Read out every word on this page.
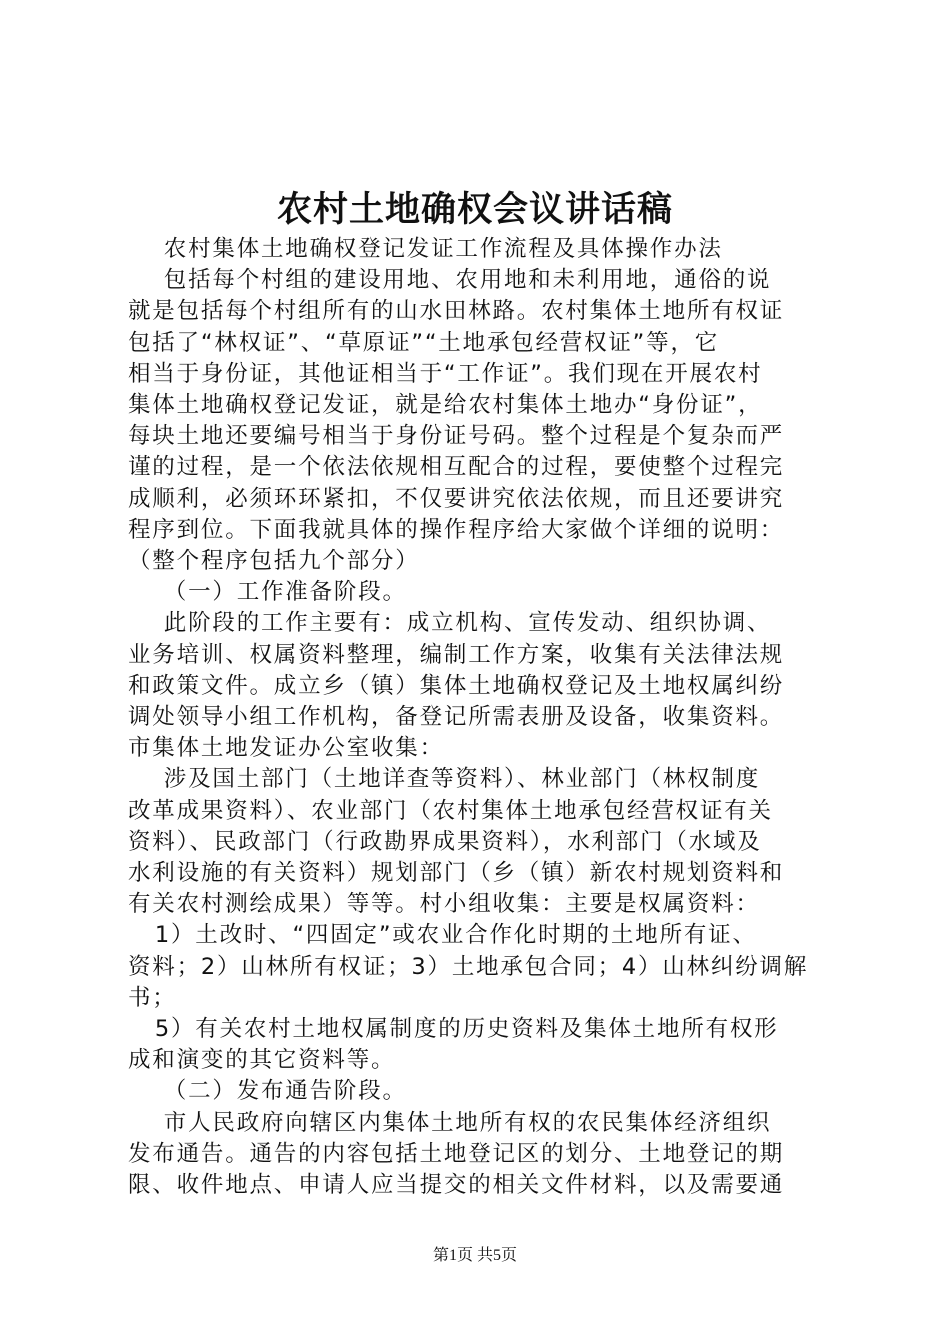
农村土地确权会议讲话稿

农村集体土地确权登记发证工作流程及具体操作办法

包括每个村组的建设用地、农用地和未利用地，通俗的说

就是包括每个村组所有的山水田林路。农村集体土地所有权证

包括了“林权证”、“草原证”“土地承包经营权证”等，它

相当于身份证，其他证相当于“工作证”。我们现在开展农村

集体土地确权登记发证，就是给农村集体土地办“身份证”，

每块土地还要编号相当于身份证号码。整个过程是个复杂而严

谨的过程，是一个依法依规相互配合的过程，要使整个过程完

成顺利，必须环环紧扣，不仅要讲究依法依规，而且还要讲究

程序到位。下面我就具体的操作程序给大家做个详细的说明：

（整个程序包括九个部分）

（一）工作准备阶段。

此阶段的工作主要有：成立机构、宣传发动、组织协调、

业务培训、权属资料整理，编制工作方案，收集有关法律法规

和政策文件。成立乡（镇）集体土地确权登记及土地权属纠纷

调处领导小组工作机构，备登记所需表册及设备，收集资料。

市集体土地发证办公室收集：

涉及国土部门（土地详查等资料）、林业部门（林权制度

改革成果资料）、农业部门（农村集体土地承包经营权证有关

资料）、民政部门（行政勘界成果资料），水利部门（水域及

水利设施的有关资料）规划部门（乡（镇）新农村规划资料和

有关农村测绘成果）等等。村小组收集：主要是权属资料：

1）土改时、“四固定”或农业合作化时期的土地所有证、

资料；2）山林所有权证；3）土地承包合同；4）山林纠纷调解

书；

5）有关农村土地权属制度的历史资料及集体土地所有权形

成和演变的其它资料等。

（二）发布通告阶段。

市人民政府向辖区内集体土地所有权的农民集体经济组织

发布通告。通告的内容包括土地登记区的划分、土地登记的期

限、收件地点、申请人应当提交的相关文件材料，以及需要通

第1页 共5页
